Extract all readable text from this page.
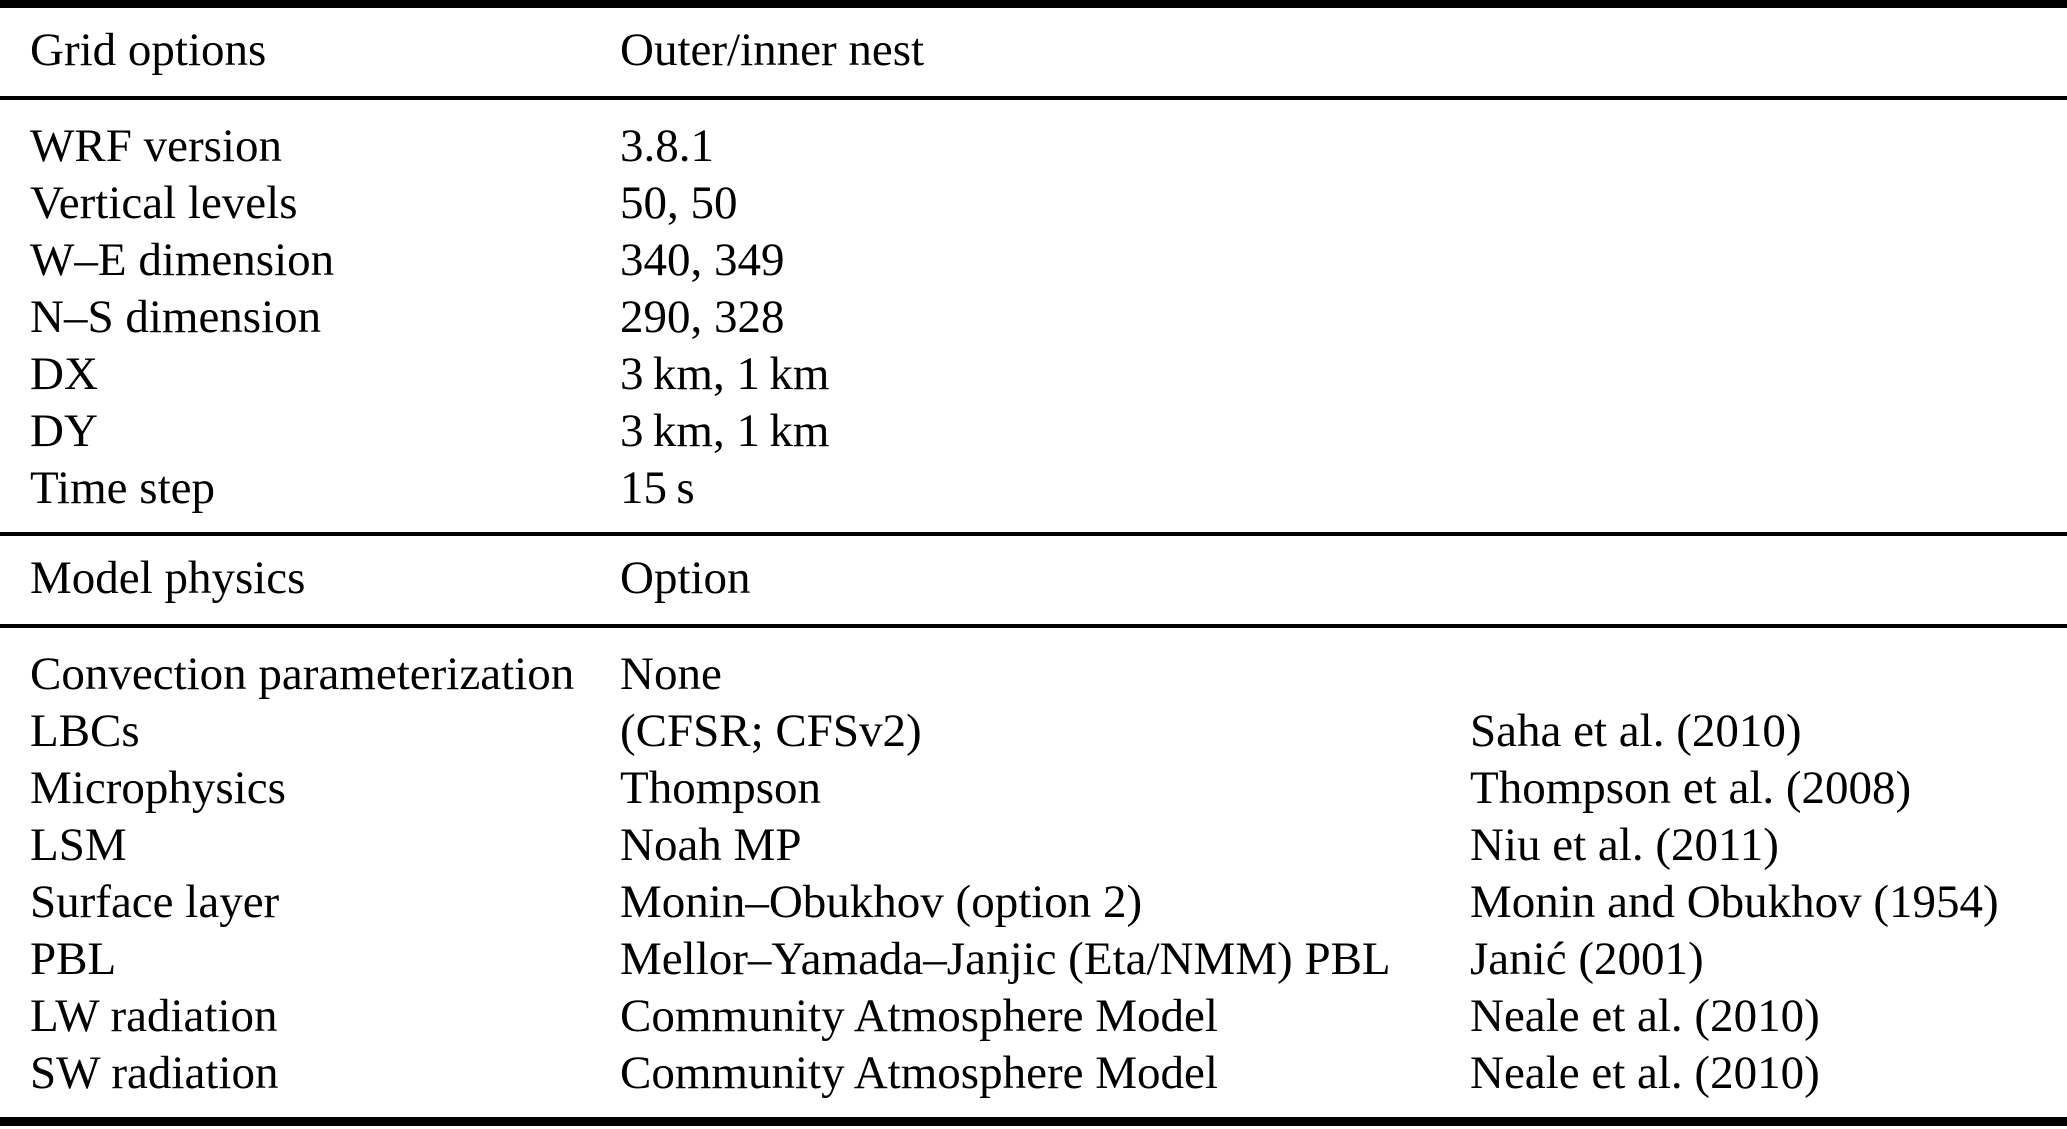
Grid options	Outer/inner nest	
WRF version	3.8.1	
Vertical levels	50, 50	
W–E dimension	340, 349	
N–S dimension	290, 328	
DX	3 km, 1 km	
DY	3 km, 1 km	
Time step	15 s	
Model physics	Option	
Convection parameterization	None	
LBCs	(CFSR; CFSv2)	Saha et al. (2010)
Microphysics	Thompson	Thompson et al. (2008)
LSM	Noah MP	Niu et al. (2011)
Surface layer	Monin–Obukhov (option 2)	Monin and Obukhov (1954)
PBL	Mellor–Yamada–Janjic (Eta/NMM) PBL	Janić (2001)
LW radiation	Community Atmosphere Model	Neale et al. (2010)
SW radiation	Community Atmosphere Model	Neale et al. (2010)
